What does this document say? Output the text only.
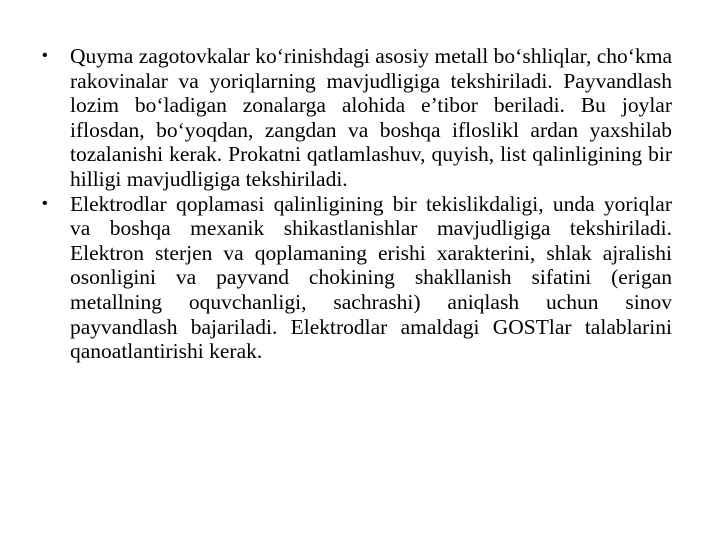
•	Quyma zagotovkalar ko‘rinishdagi asosiy metall bo‘shliqlar, cho‘kma rakovinalar va yoriqlarning mavjudligiga tekshiriladi. Payvandlash lozim bo‘ladigan zonalarga alohida e’tibor beriladi. Bu joylar iflosdan, bo‘yoqdan, zangdan va boshqa ifloslikl ardan yaxshilab tozalanishi kerak. Prokatni qatlamlashuv, quyish, list qalinligining bir hilligi mavjudligiga tekshiriladi.
•	Elektrodlar qoplamasi qalinligining bir tekislikdaligi, unda yoriqlar va boshqa mexanik shikastlanishlar mavjudligiga tekshiriladi. Elektron sterjen va qoplamaning erishi xarakterini, shlak ajralishi osonligini va payvand chokining shakllanish sifatini (erigan metallning oquvchanligi, sachrashi) aniqlash uchun sinov payvandlash bajariladi. Elektrodlar amaldagi GOSTlar talablarini qanoatlantirishi kerak.
